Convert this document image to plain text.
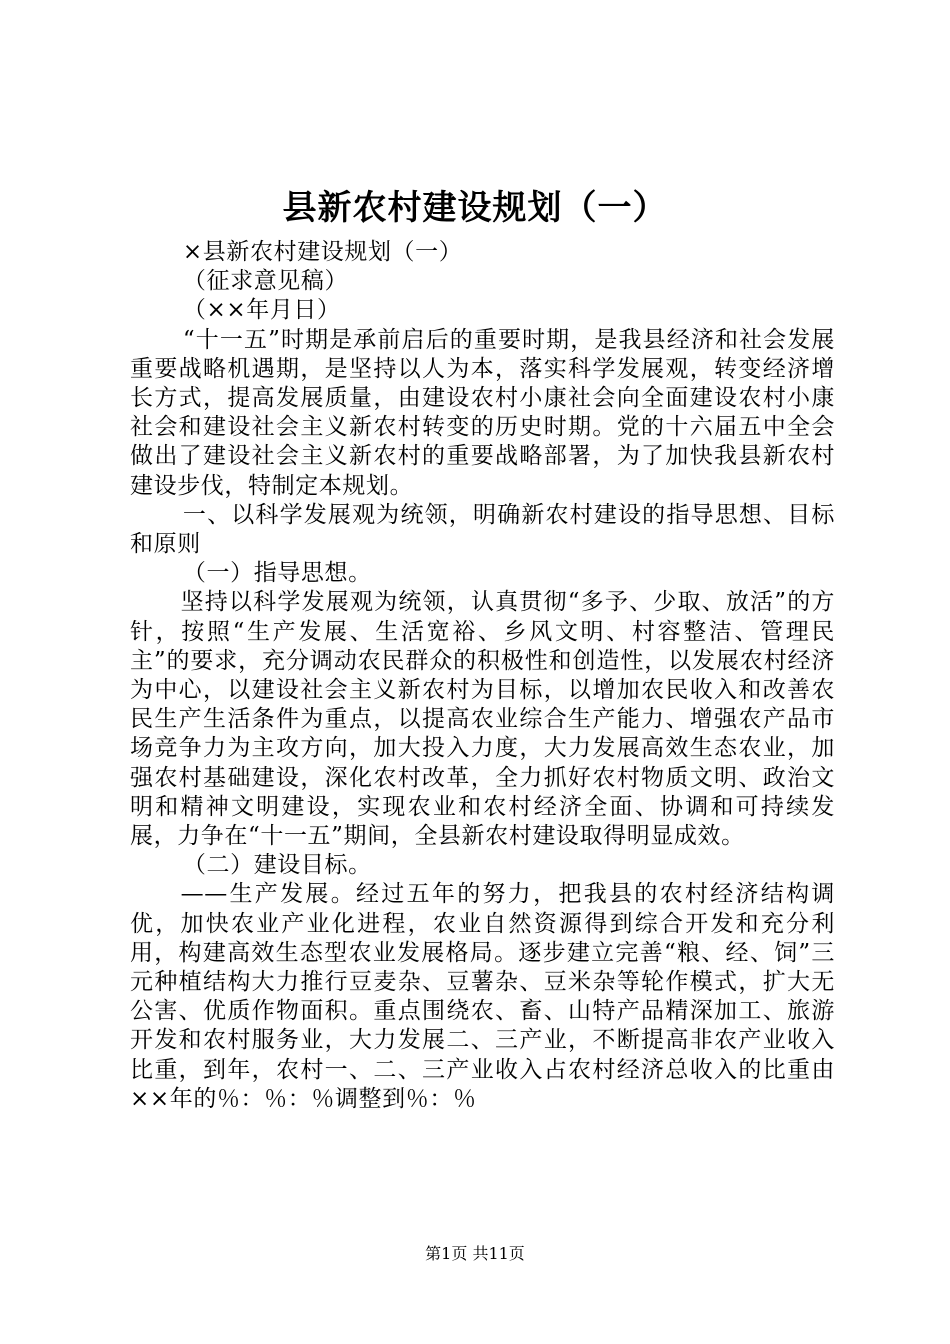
县新农村建设规划（一）

×县新农村建设规划（一）

（征求意见稿）

（××年月日）

“十一五”时期是承前启后的重要时期，是我县经济和社会发展重要战略机遇期，是坚持以人为本，落实科学发展观，转变经济增长方式，提高发展质量，由建设农村小康社会向全面建设农村小康社会和建设社会主义新农村转变的历史时期。党的十六届五中全会做出了建设社会主义新农村的重要战略部署，为了加快我县新农村建设步伐，特制定本规划。

一、以科学发展观为统领，明确新农村建设的指导思想、目标和原则

（一）指导思想。

坚持以科学发展观为统领，认真贯彻“多予、少取、放活”的方针，按照“生产发展、生活宽裕、乡风文明、村容整洁、管理民主”的要求，充分调动农民群众的积极性和创造性，以发展农村经济为中心，以建设社会主义新农村为目标，以增加农民收入和改善农民生产生活条件为重点，以提高农业综合生产能力、增强农产品市场竞争力为主攻方向，加大投入力度，大力发展高效生态农业，加强农村基础建设，深化农村改革，全力抓好农村物质文明、政治文明和精神文明建设，实现农业和农村经济全面、协调和可持续发展，力争在“十一五”期间，全县新农村建设取得明显成效。

（二）建设目标。

——生产发展。经过五年的努力，把我县的农村经济结构调优，加快农业产业化进程，农业自然资源得到综合开发和充分利用，构建高效生态型农业发展格局。逐步建立完善“粮、经、饲”三元种植结构大力推行豆麦杂、豆薯杂、豆米杂等轮作模式，扩大无公害、优质作物面积。重点围绕农、畜、山特产品精深加工、旅游开发和农村服务业，大力发展二、三产业，不断提高非农产业收入比重，到年，农村一、二、三产业收入占农村经济总收入的比重由××年的％：％：％调整到％：％

第1页 共11页
